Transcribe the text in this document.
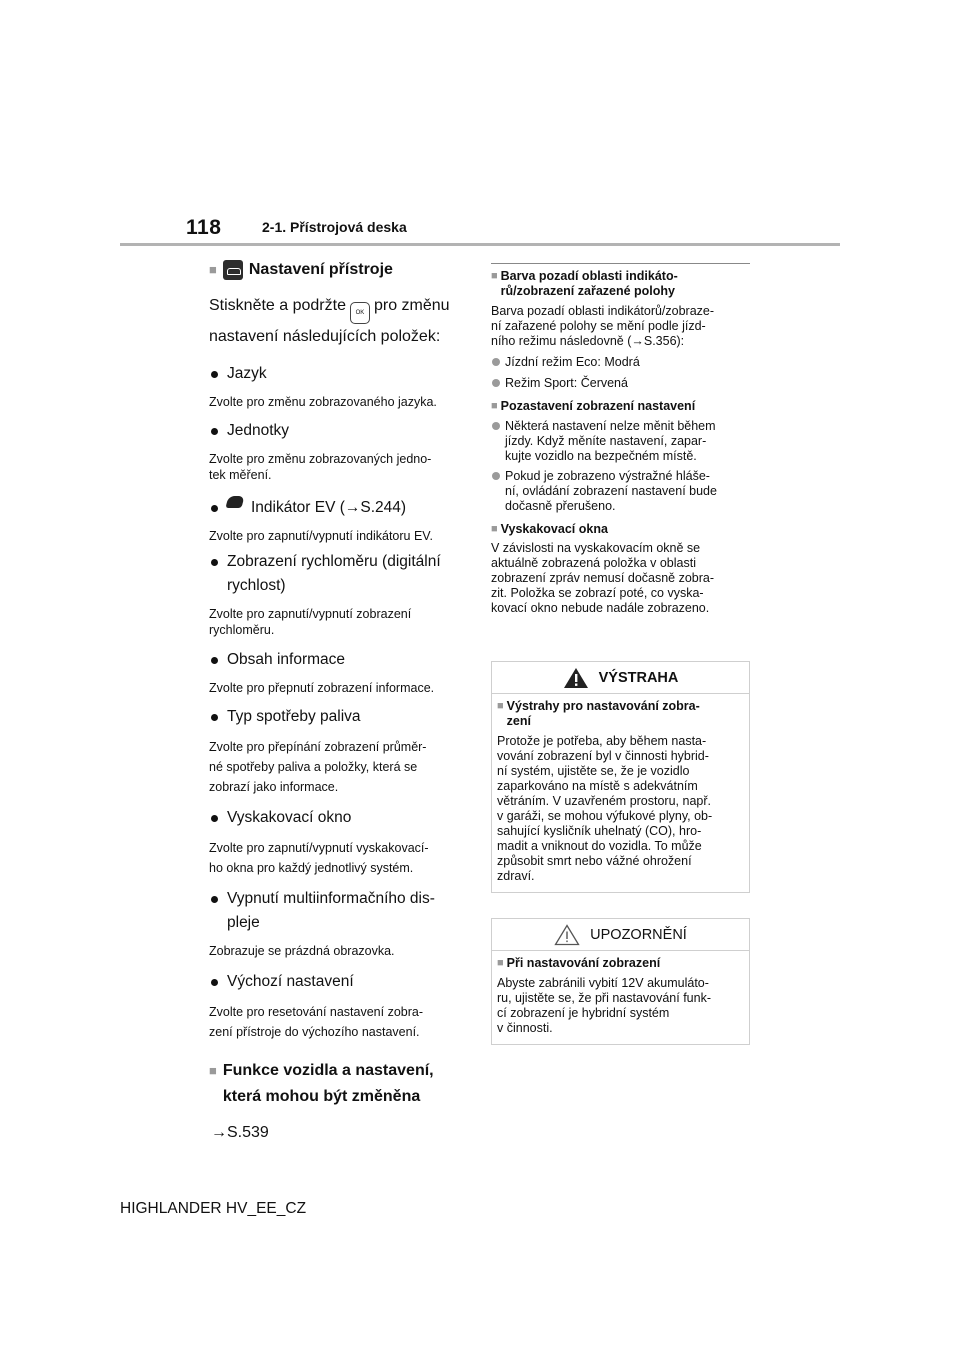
118	2-1. Přístrojová deska
■ Nastavení přístroje
Stiskněte a podržte OK pro změnu
nastavení následujících položek:
Jazyk
Zvolte pro změnu zobrazovaného jazyka.
Jednotky
Zvolte pro změnu zobrazovaných jedno-
tek měření.
Indikátor EV (→S.244)
Zvolte pro zapnutí/vypnutí indikátoru EV.
Zobrazení rychloměru (digitální
rychlost)
Zvolte pro zapnutí/vypnutí zobrazení
rychloměru.
Obsah informace
Zvolte pro přepnutí zobrazení informace.
Typ spotřeby paliva
Zvolte pro přepínání zobrazení průměr-
né spotřeby paliva a položky, která se
zobrazí jako informace.
Vyskakovací okno
Zvolte pro zapnutí/vypnutí vyskakovací-
ho okna pro každý jednotlivý systém.
Vypnutí multiinformačního dis-
pleje
Zobrazuje se prázdná obrazovka.
Výchozí nastavení
Zvolte pro resetování nastavení zobra-
zení přístroje do výchozího nastavení.
■ Funkce vozidla a nastavení,
která mohou být změněna
→S.539
■ Barva pozadí oblasti indikáto-
rů/zobrazení zařazené polohy
Barva pozadí oblasti indikátorů/zobraze-
ní zařazené polohy se mění podle jízd-
ního režimu následovně (→S.356):
Jízdní režim Eco: Modrá
Režim Sport: Červená
■ Pozastavení zobrazení nastavení
Některá nastavení nelze měnit během
jízdy. Když měníte nastavení, zapar-
kujte vozidlo na bezpečném místě.
Pokud je zobrazeno výstražné hláše-
ní, ovládání zobrazení nastavení bude
dočasně přerušeno.
■ Vyskakovací okna
V závislosti na vyskakovacím okně se
aktuálně zobrazená položka v oblasti
zobrazení zpráv nemusí dočasně zobra-
zit. Položka se zobrazí poté, co vyska-
kovací okno nebude nadále zobrazeno.
VÝSTRAHA
■ Výstrahy pro nastavování zobra-
zení
Protože je potřeba, aby během nasta-
vování zobrazení byl v činnosti hybrid-
ní systém, ujistěte se, že je vozidlo
zaparkováno na místě s adekvátním
větráním. V uzavřeném prostoru, např.
v garáži, se mohou výfukové plyny, ob-
sahující kysličník uhelnatý (CO), hro-
madit a vniknout do vozidla. To může
způsobit smrt nebo vážné ohrožení
zdraví.
UPOZORNĚNÍ
■ Při nastavování zobrazení
Abyste zabránili vybití 12V akumuláto-
ru, ujistěte se, že při nastavování funk-
cí zobrazení je hybridní systém
v činnosti.
HIGHLANDER HV_EE_CZ
